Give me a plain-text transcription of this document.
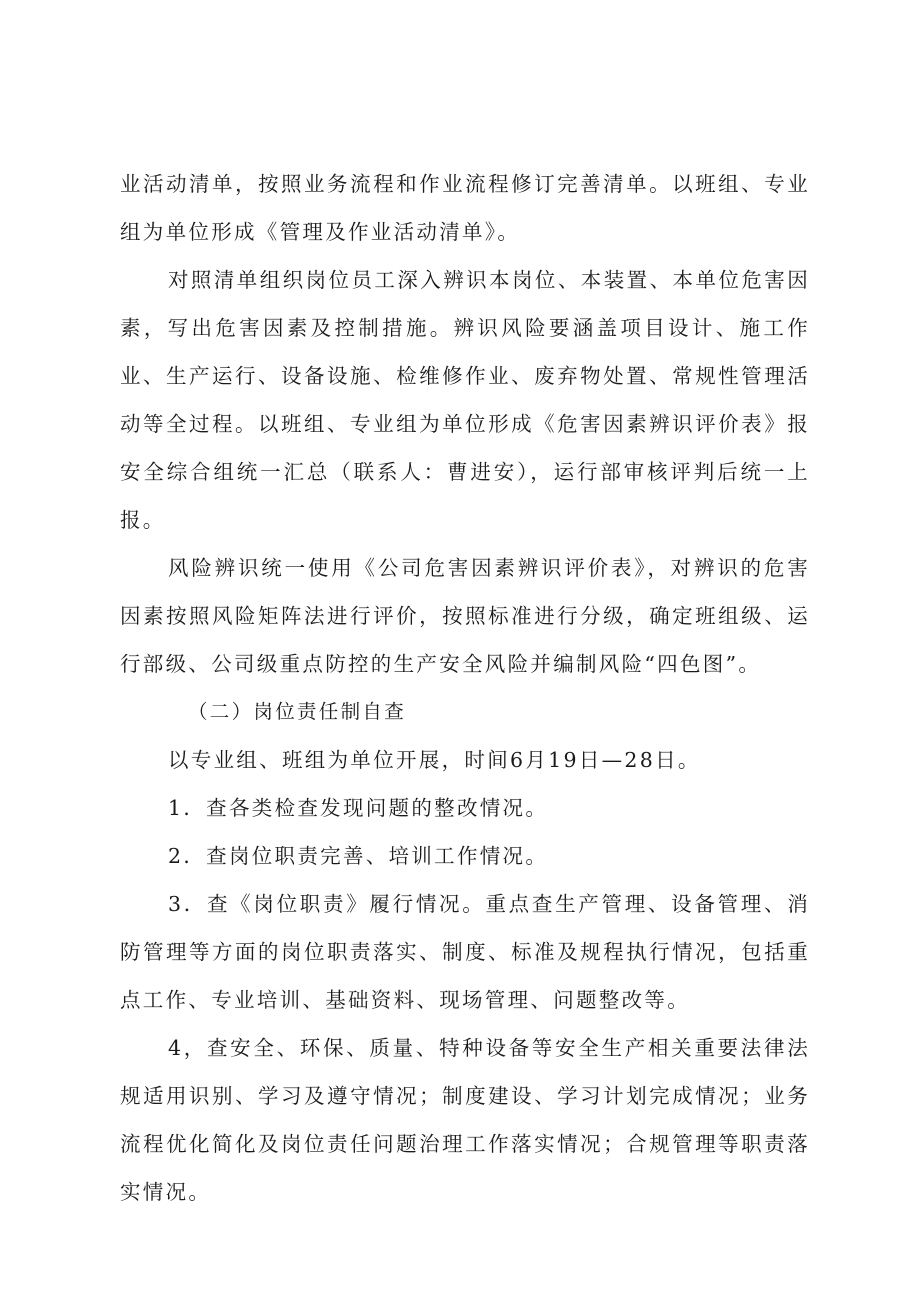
业活动清单，按照业务流程和作业流程修订完善清单。以班组、专业组为单位形成《管理及作业活动清单》。

对照清单组织岗位员工深入辨识本岗位、本装置、本单位危害因素，写出危害因素及控制措施。辨识风险要涵盖项目设计、施工作业、生产运行、设备设施、检维修作业、废弃物处置、常规性管理活动等全过程。以班组、专业组为单位形成《危害因素辨识评价表》报安全综合组统一汇总（联系人：曹进安），运行部审核评判后统一上报。

风险辨识统一使用《公司危害因素辨识评价表》，对辨识的危害因素按照风险矩阵法进行评价，按照标准进行分级，确定班组级、运行部级、公司级重点防控的生产安全风险并编制风险“四色图”。

（二）岗位责任制自查

以专业组、班组为单位开展，时间6月19日—28日。

1．查各类检查发现问题的整改情况。

2．查岗位职责完善、培训工作情况。

3．查《岗位职责》履行情况。重点查生产管理、设备管理、消防管理等方面的岗位职责落实、制度、标准及规程执行情况，包括重点工作、专业培训、基础资料、现场管理、问题整改等。

4，查安全、环保、质量、特种设备等安全生产相关重要法律法规适用识别、学习及遵守情况；制度建设、学习计划完成情况；业务流程优化简化及岗位责任问题治理工作落实情况；合规管理等职责落实情况。
